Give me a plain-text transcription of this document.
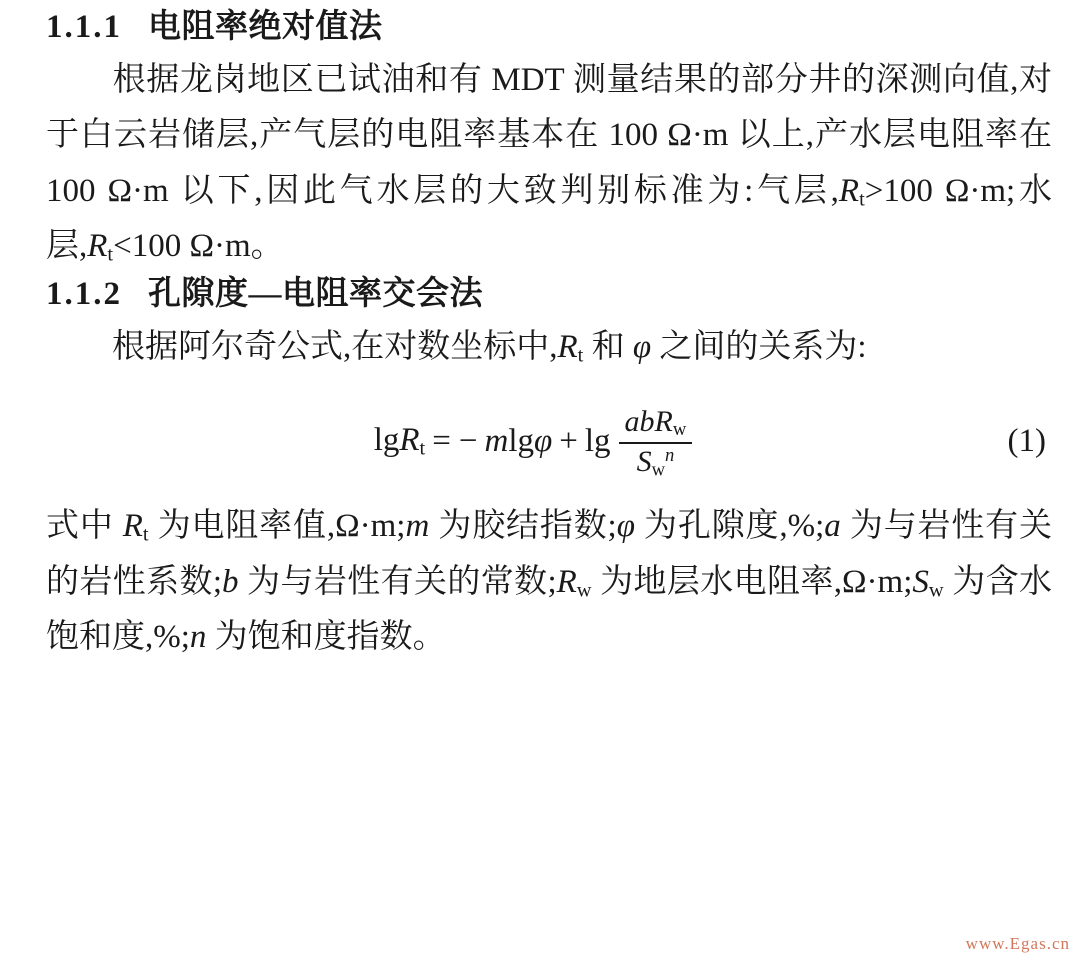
1.1.1 电阻率绝对值法

根据龙岗地区已试油和有 MDT 测量结果的部分井的深测向值,对于白云岩储层,产气层的电阻率基本在 100 Ω·m 以上,产水层电阻率在 100 Ω·m 以下,因此气水层的大致判别标准为:气层$,R_t>100$ Ω·m;水层$,R_t<100$ Ω·m。

1.1.2 孔隙度—电阻率交会法

根据阿尔奇公式,在对数坐标中$,R_t$ 和 φ 之间的关系为:

lgR$_t$ = − $mlg\varphi + \lg \frac{abR_w}{S_w^n}$	(1)

式中 $R_t$ 为电阻率值,Ω·m;m 为胶结指数;φ 为孔隙度,%;a 为与岩性有关的岩性系数;b 为与岩性有关的常数$;R_w$ 为地层水电阻率$,\Omega\cdot m;S_w$ 为含水饱和度,%;n 为饱和度指数。

www.Egas.cn
